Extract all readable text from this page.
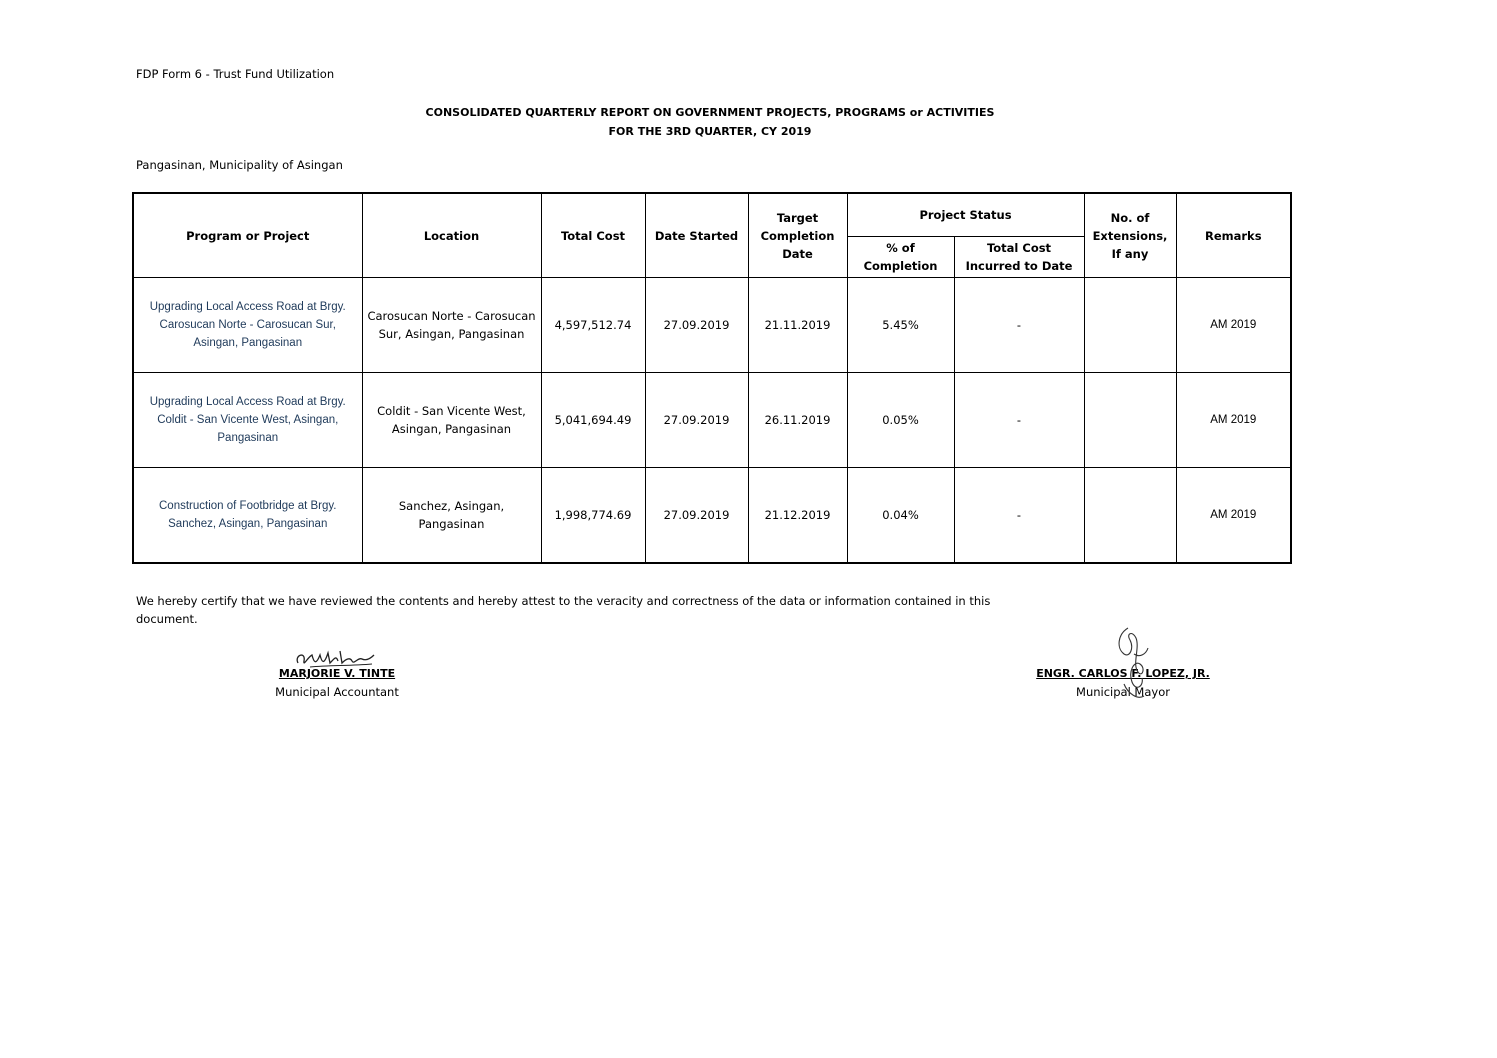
FDP Form 6 - Trust Fund Utilization
CONSOLIDATED QUARTERLY REPORT ON GOVERNMENT PROJECTS, PROGRAMS or ACTIVITIES
FOR THE 3RD QUARTER, CY 2019
Pangasinan, Municipality of Asingan
Program or Project	Location	Total Cost	Date Started	Target Completion Date	Project Status		No. of Extensions, If any	Remarks
					% of Completion	Total Cost Incurred to Date		
Upgrading Local Access Road at Brgy. Carosucan Norte - Carosucan Sur, Asingan, Pangasinan	Carosucan Norte - Carosucan Sur, Asingan, Pangasinan	4,597,512.74	27.09.2019	21.11.2019	5.45%	-		AM 2019
Upgrading Local Access Road at Brgy. Coldit - San Vicente West, Asingan, Pangasinan	Coldit - San Vicente West, Asingan, Pangasinan	5,041,694.49	27.09.2019	26.11.2019	0.05%	-		AM 2019
Construction of Footbridge at Brgy. Sanchez, Asingan, Pangasinan	Sanchez, Asingan, Pangasinan	1,998,774.69	27.09.2019	21.12.2019	0.04%	-		AM 2019
We hereby certify that we have reviewed the contents and hereby attest to the veracity and correctness of the data or information contained in this document.
MARJORIE V. TINTE
Municipal Accountant
ENGR. CARLOS F. LOPEZ, JR.
Municipal Mayor
